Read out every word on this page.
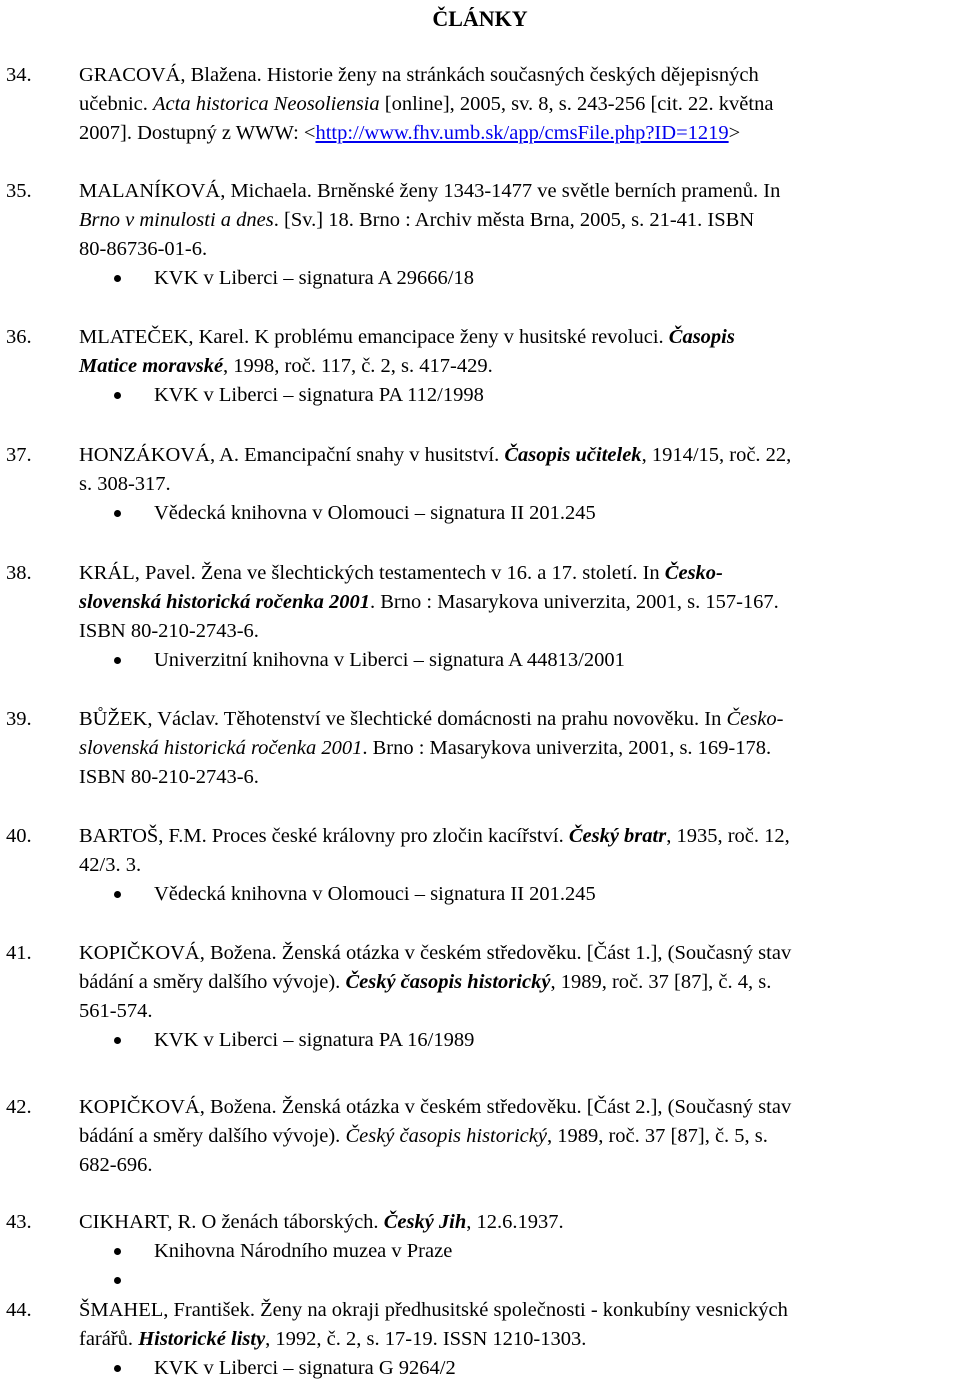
ČLÁNKY
34. GRACOVÁ, Blažena. Historie ženy na stránkách současných českých dějepisných
učebnic. Acta historica Neosoliensia [online], 2005, sv. 8, s. 243-256 [cit. 22. května
2007]. Dostupný z WWW: <http://www.fhv.umb.sk/app/cmsFile.php?ID=1219>
35. MALANÍKOVÁ, Michaela. Brněnské ženy 1343-1477 ve světle berních pramenů. In
Brno v minulosti a dnes. [Sv.] 18. Brno : Archiv města Brna, 2005, s. 21-41. ISBN
80-86736-01-6.
KVK v Liberci – signatura A 29666/18
36. MLATEČEK, Karel. K problému emancipace ženy v husitské revoluci. Časopis
Matice moravské, 1998, roč. 117, č. 2, s. 417-429.
KVK v Liberci – signatura PA 112/1998
37. HONZÁKOVÁ, A. Emancipační snahy v husitství. Časopis učitelek, 1914/15, roč. 22,
s. 308-317.
Vědecká knihovna v Olomouci – signatura II 201.245
38. KRÁL, Pavel. Žena ve šlechtických testamentech v 16. a 17. století. In Česko-
slovenská historická ročenka 2001. Brno : Masarykova univerzita, 2001, s. 157-167.
ISBN 80-210-2743-6.
Univerzitní knihovna v Liberci – signatura A 44813/2001
39. BŮŽEK, Václav. Těhotenství ve šlechtické domácnosti na prahu novověku. In Česko-
slovenská historická ročenka 2001. Brno : Masarykova univerzita, 2001, s. 169-178.
ISBN 80-210-2743-6.
40. BARTOŠ, F.M. Proces české královny pro zločin kacířství. Český bratr, 1935, roč. 12,
42/3. 3.
Vědecká knihovna v Olomouci – signatura II 201.245
41. KOPIČKOVÁ, Božena. Ženská otázka v českém středověku. [Část 1.], (Současný stav
bádání a směry dalšího vývoje). Český časopis historický, 1989, roč. 37 [87], č. 4, s.
561-574.
KVK v Liberci – signatura PA 16/1989
42. KOPIČKOVÁ, Božena. Ženská otázka v českém středověku. [Část 2.], (Současný stav
bádání a směry dalšího vývoje). Český časopis historický, 1989, roč. 37 [87], č. 5, s.
682-696.
43. CIKHART, R. O ženách táborských. Český Jih, 12.6.1937.
Knihovna Národního muzea v Praze
44. ŠMAHEL, František. Ženy na okraji předhusitské společnosti - konkubíny vesnických
farářů. Historické listy, 1992, č. 2, s. 17-19. ISSN 1210-1303.
KVK v Liberci – signatura G 9264/2
